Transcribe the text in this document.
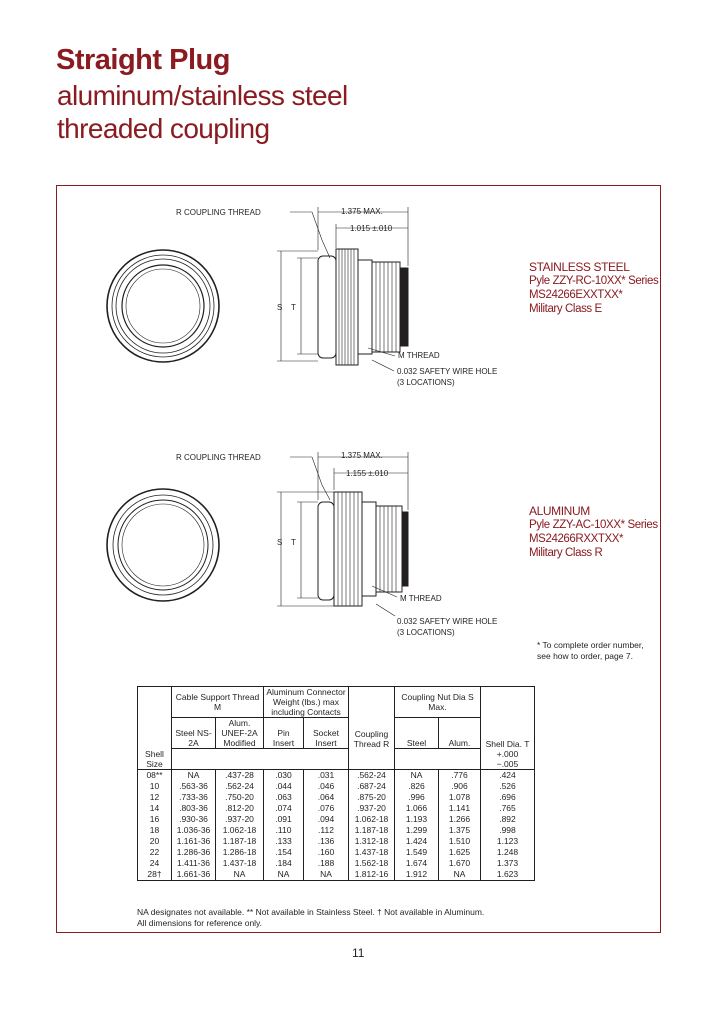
Straight Plug
aluminum/stainless steel
threaded coupling
R COUPLING THREAD	1.375 MAX.
1.015 ±.010
S T
M THREAD
0.032 SAFETY WIRE HOLE
(3 LOCATIONS)
R COUPLING THREAD	1.375 MAX.
1.155 ±.010
S T
M THREAD
0.032 SAFETY WIRE HOLE
(3 LOCATIONS)
STAINLESS STEEL
Pyle ZZY-RC-10XX* Series
MS24266EXXTXX*
Military Class E
ALUMINUM
Pyle ZZY-AC-10XX* Series
MS24266RXXTXX*
Military Class R
* To complete order number,
see how to order, page 7.
	Cable Support Thread M		Aluminum Connector Weight (lbs.) max including Contacts		Coupling Thread R	Coupling Nut Dia S Max.		Shell Dia. T +.000 −.005
	Steel NS-2A	Alum. UNEF-2A Modified	Pin Insert	Socket Insert		Steel	Alum.	
Shell Size								
08**	NA	.437-28	.030	.031	.562-24	NA	.776	.424
10	.563-36	.562-24	.044	.046	.687-24	.826	.906	.526
12	.733-36	.750-20	.063	.064	.875-20	.996	1.078	.696
14	.803-36	.812-20	.074	.076	.937-20	1.066	1.141	.765
16	.930-36	.937-20	.091	.094	1.062-18	1.193	1.266	.892
18	1.036-36	1.062-18	.110	.112	1.187-18	1.299	1.375	.998
20	1.161-36	1.187-18	.133	.136	1.312-18	1.424	1.510	1.123
22	1.286-36	1.286-18	.154	.160	1.437-18	1.549	1.625	1.248
24	1.411-36	1.437-18	.184	.188	1.562-18	1.674	1.670	1.373
28†	1.661-36	NA	NA	NA	1.812-16	1.912	NA	1.623
NA designates not available. ** Not available in Stainless Steel. † Not available in Aluminum.
All dimensions for reference only.
11
